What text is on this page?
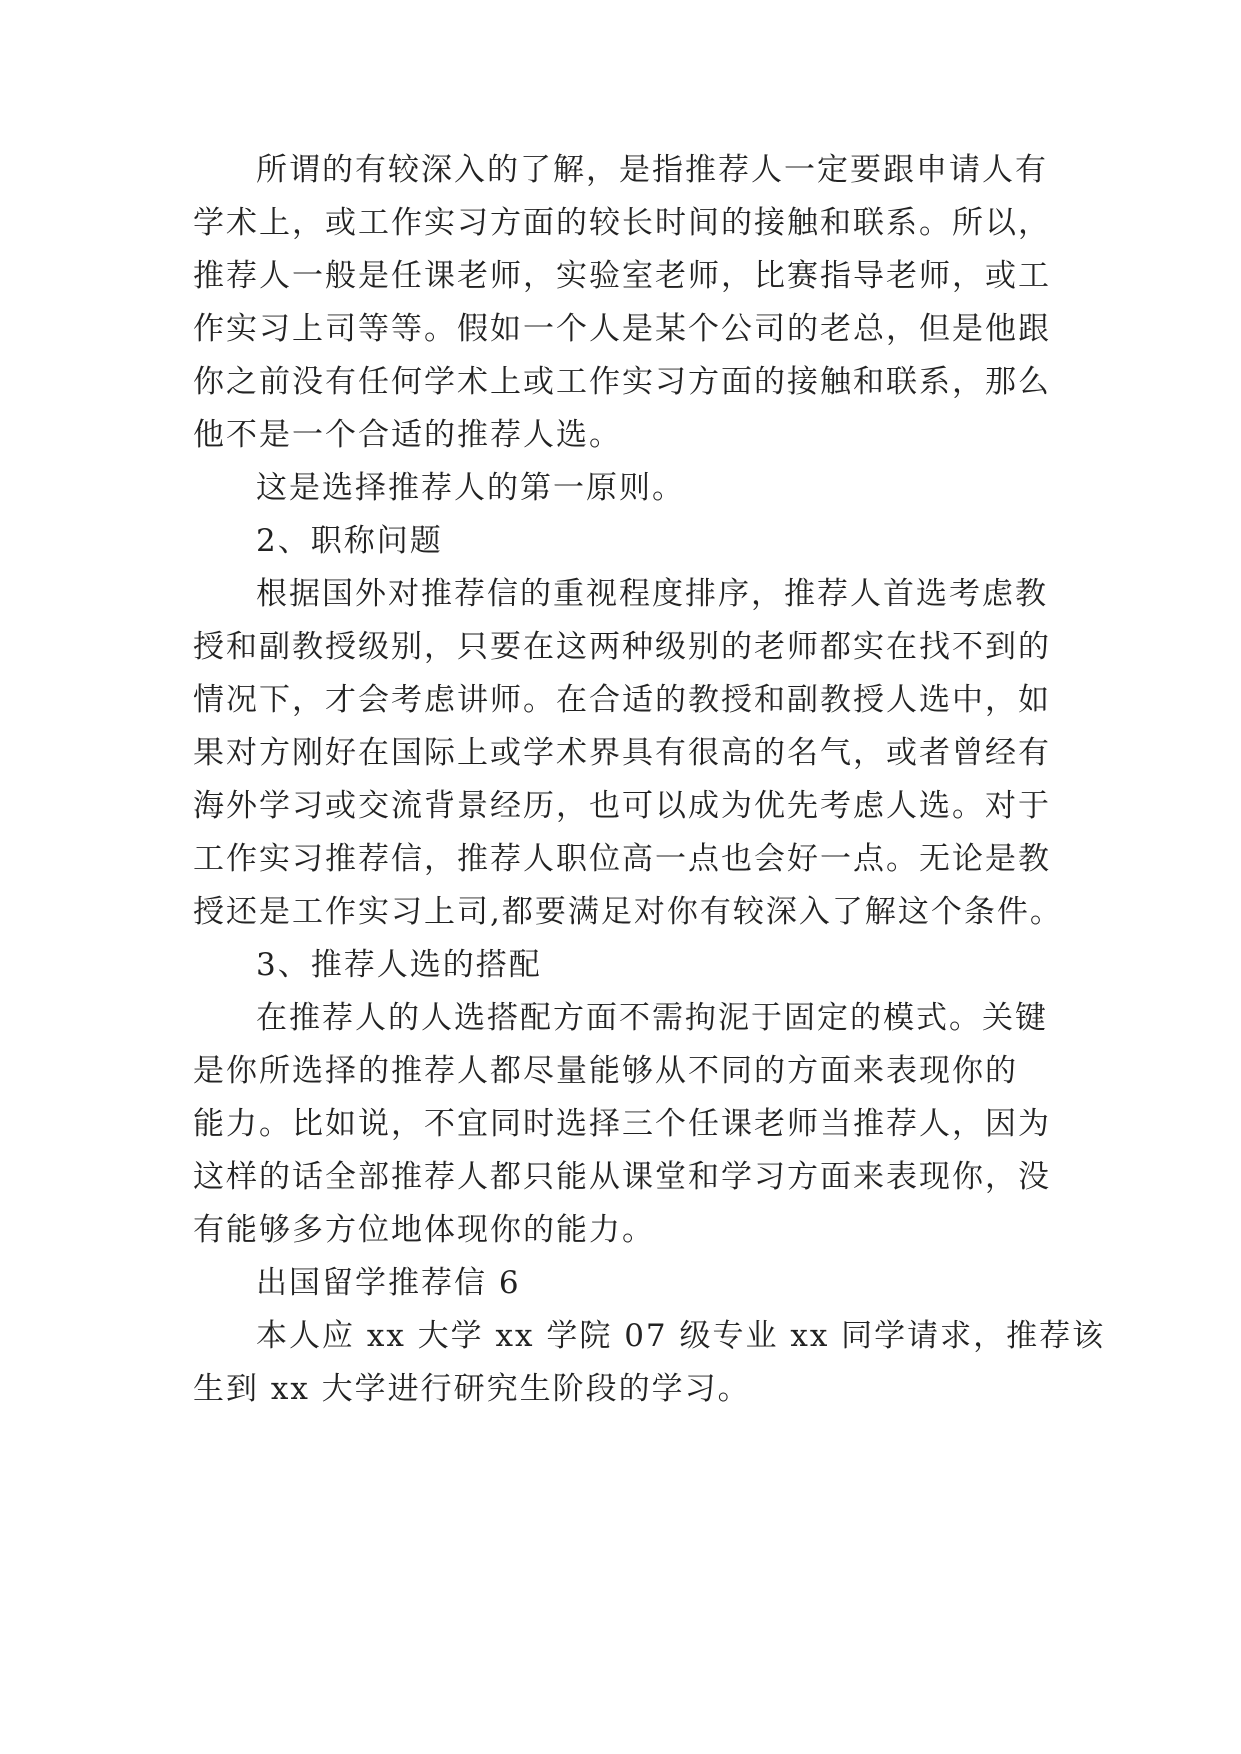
所谓的有较深入的了解，是指推荐人一定要跟申请人有
学术上，或工作实习方面的较长时间的接触和联系。所以，
推荐人一般是任课老师，实验室老师，比赛指导老师，或工
作实习上司等等。假如一个人是某个公司的老总，但是他跟
你之前没有任何学术上或工作实习方面的接触和联系，那么
他不是一个合适的推荐人选。
这是选择推荐人的第一原则。
2、职称问题
根据国外对推荐信的重视程度排序，推荐人首选考虑教
授和副教授级别，只要在这两种级别的老师都实在找不到的
情况下，才会考虑讲师。在合适的教授和副教授人选中，如
果对方刚好在国际上或学术界具有很高的名气，或者曾经有
海外学习或交流背景经历，也可以成为优先考虑人选。对于
工作实习推荐信，推荐人职位高一点也会好一点。无论是教
授还是工作实习上司,都要满足对你有较深入了解这个条件。
3、推荐人选的搭配
在推荐人的人选搭配方面不需拘泥于固定的模式。关键
是你所选择的推荐人都尽量能够从不同的方面来表现你的
能力。比如说，不宜同时选择三个任课老师当推荐人，因为
这样的话全部推荐人都只能从课堂和学习方面来表现你，没
有能够多方位地体现你的能力。
出国留学推荐信 6
本人应 xx 大学 xx 学院 07 级专业 xx 同学请求，推荐该
生到 xx 大学进行研究生阶段的学习。
